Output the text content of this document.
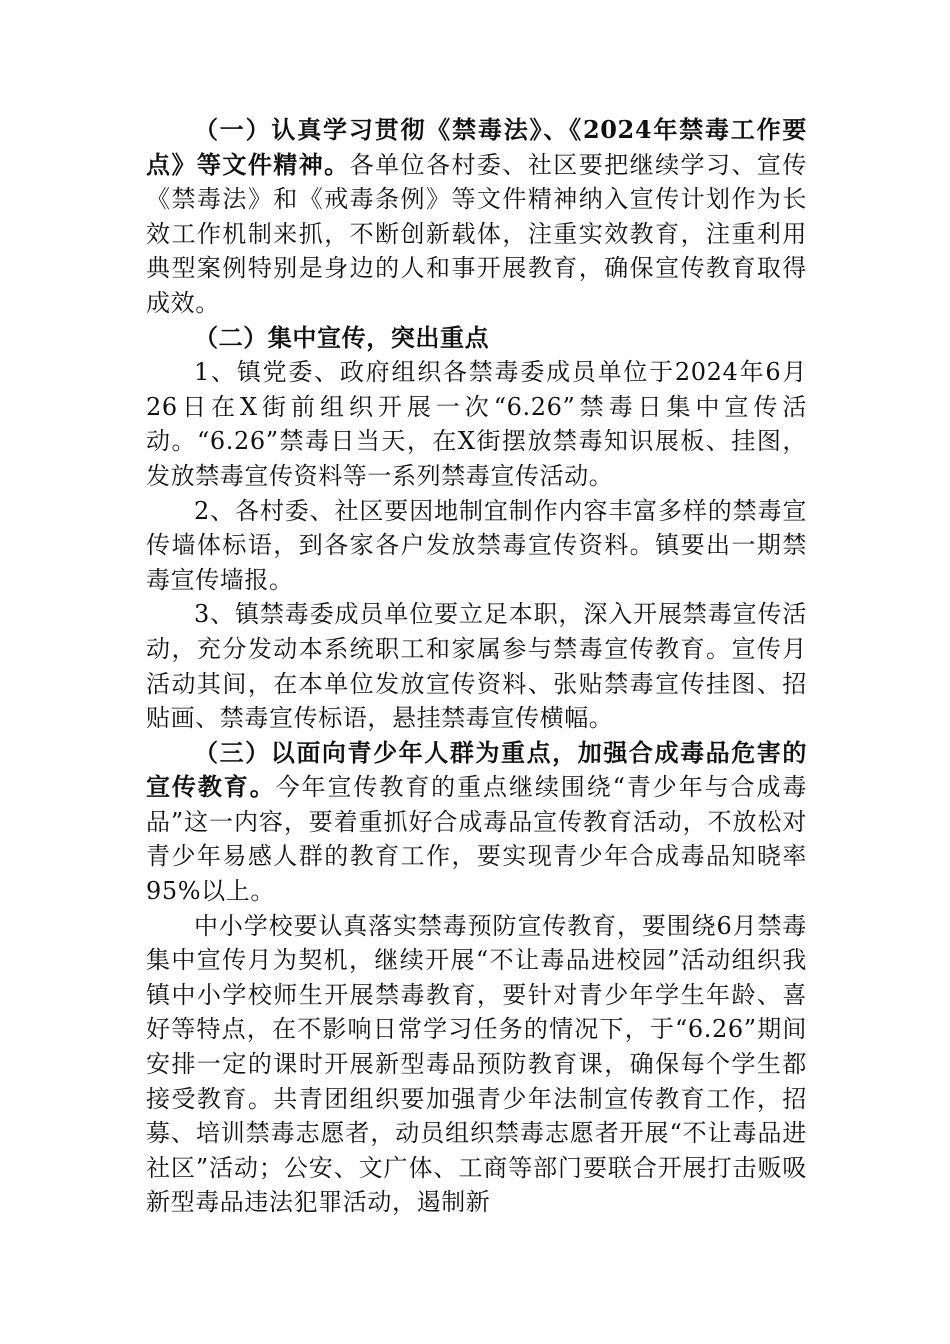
（一）认真学习贯彻《禁毒法》、《2024年禁毒工作要点》等文件精神。各单位各村委、社区要把继续学习、宣传《禁毒法》和《戒毒条例》等文件精神纳入宣传计划作为长效工作机制来抓，不断创新载体，注重实效教育，注重利用典型案例特别是身边的人和事开展教育，确保宣传教育取得成效。

（二）集中宣传，突出重点

1、镇党委、政府组织各禁毒委成员单位于2024年6月26日在X街前组织开展一次“6.26”禁毒日集中宣传活动。“6.26”禁毒日当天，在X街摆放禁毒知识展板、挂图，发放禁毒宣传资料等一系列禁毒宣传活动。

2、各村委、社区要因地制宜制作内容丰富多样的禁毒宣传墙体标语，到各家各户发放禁毒宣传资料。镇要出一期禁毒宣传墙报。

3、镇禁毒委成员单位要立足本职，深入开展禁毒宣传活动，充分发动本系统职工和家属参与禁毒宣传教育。宣传月活动其间，在本单位发放宣传资料、张贴禁毒宣传挂图、招贴画、禁毒宣传标语，悬挂禁毒宣传横幅。

（三）以面向青少年人群为重点，加强合成毒品危害的宣传教育。今年宣传教育的重点继续围绕“青少年与合成毒品”这一内容，要着重抓好合成毒品宣传教育活动，不放松对青少年易感人群的教育工作，要实现青少年合成毒品知晓率95%以上。

中小学校要认真落实禁毒预防宣传教育，要围绕6月禁毒集中宣传月为契机，继续开展“不让毒品进校园”活动组织我镇中小学校师生开展禁毒教育，要针对青少年学生年龄、喜好等特点，在不影响日常学习任务的情况下，于“6.26”期间安排一定的课时开展新型毒品预防教育课，确保每个学生都接受教育。共青团组织要加强青少年法制宣传教育工作，招募、培训禁毒志愿者，动员组织禁毒志愿者开展“不让毒品进社区”活动；公安、文广体、工商等部门要联合开展打击贩吸新型毒品违法犯罪活动，遏制新
